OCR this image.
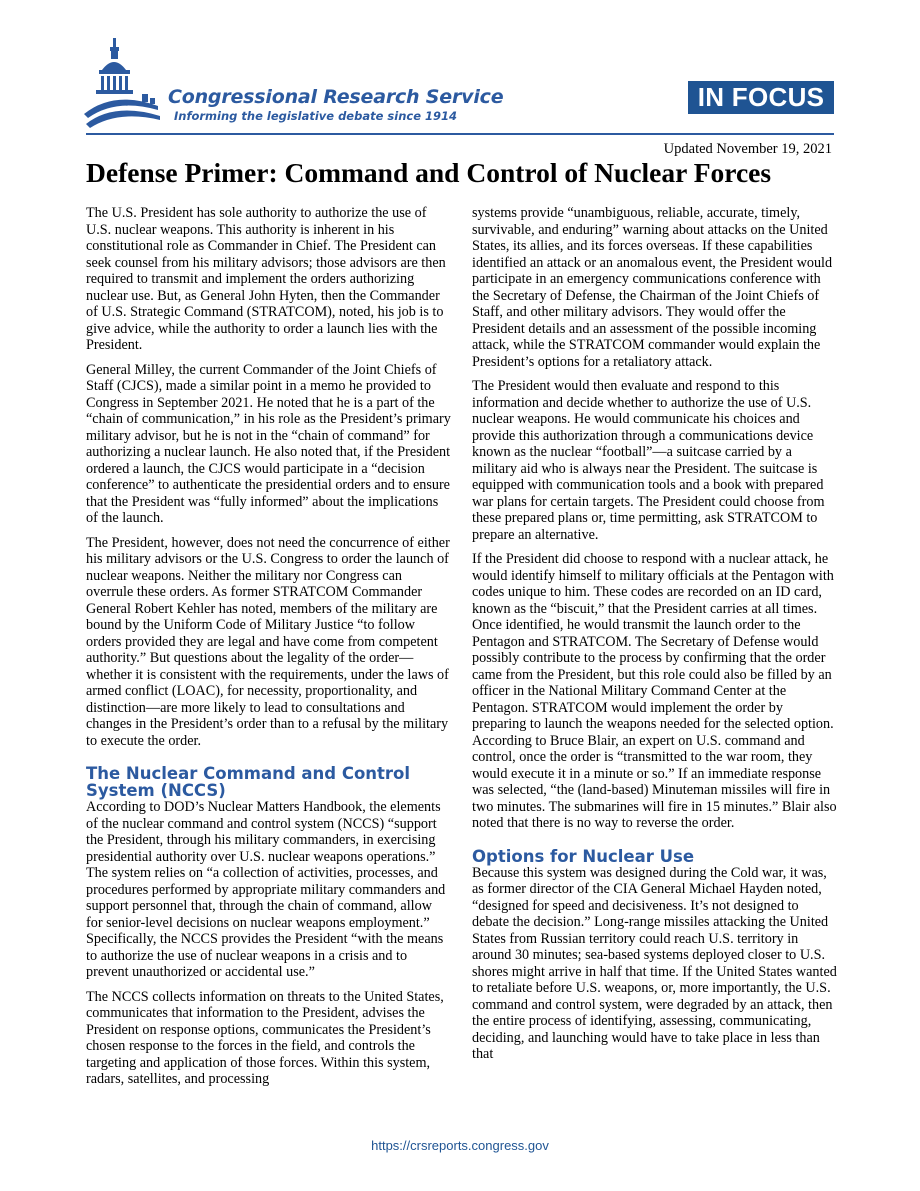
Congressional Research Service
Informing the legislative debate since 1914
IN FOCUS
Updated November 19, 2021
Defense Primer: Command and Control of Nuclear Forces

The U.S. President has sole authority to authorize the use of U.S. nuclear weapons. This authority is inherent in his constitutional role as Commander in Chief. The President can seek counsel from his military advisors; those advisors are then required to transmit and implement the orders authorizing nuclear use. But, as General John Hyten, then the Commander of U.S. Strategic Command (STRATCOM), noted, his job is to give advice, while the authority to order a launch lies with the President.

General Milley, the current Commander of the Joint Chiefs of Staff (CJCS), made a similar point in a memo he provided to Congress in September 2021. He noted that he is a part of the “chain of communication,” in his role as the President’s primary military advisor, but he is not in the “chain of command” for authorizing a nuclear launch. He also noted that, if the President ordered a launch, the CJCS would participate in a “decision conference” to authenticate the presidential orders and to ensure that the President was “fully informed” about the implications of the launch.

The President, however, does not need the concurrence of either his military advisors or the U.S. Congress to order the launch of nuclear weapons. Neither the military nor Congress can overrule these orders. As former STRATCOM Commander General Robert Kehler has noted, members of the military are bound by the Uniform Code of Military Justice “to follow orders provided they are legal and have come from competent authority.” But questions about the legality of the order—whether it is consistent with the requirements, under the laws of armed conflict (LOAC), for necessity, proportionality, and distinction—are more likely to lead to consultations and changes in the President’s order than to a refusal by the military to execute the order.

The Nuclear Command and Control System (NCCS)

According to DOD’s Nuclear Matters Handbook, the elements of the nuclear command and control system (NCCS) “support the President, through his military commanders, in exercising presidential authority over U.S. nuclear weapons operations.” The system relies on “a collection of activities, processes, and procedures performed by appropriate military commanders and support personnel that, through the chain of command, allow for senior-level decisions on nuclear weapons employment.” Specifically, the NCCS provides the President “with the means to authorize the use of nuclear weapons in a crisis and to prevent unauthorized or accidental use.”

The NCCS collects information on threats to the United States, communicates that information to the President, advises the President on response options, communicates the President’s chosen response to the forces in the field, and controls the targeting and application of those forces. Within this system, radars, satellites, and processing

systems provide “unambiguous, reliable, accurate, timely, survivable, and enduring” warning about attacks on the United States, its allies, and its forces overseas. If these capabilities identified an attack or an anomalous event, the President would participate in an emergency communications conference with the Secretary of Defense, the Chairman of the Joint Chiefs of Staff, and other military advisors. They would offer the President details and an assessment of the possible incoming attack, while the STRATCOM commander would explain the President’s options for a retaliatory attack.

The President would then evaluate and respond to this information and decide whether to authorize the use of U.S. nuclear weapons. He would communicate his choices and provide this authorization through a communications device known as the nuclear “football”—a suitcase carried by a military aid who is always near the President. The suitcase is equipped with communication tools and a book with prepared war plans for certain targets. The President could choose from these prepared plans or, time permitting, ask STRATCOM to prepare an alternative.

If the President did choose to respond with a nuclear attack, he would identify himself to military officials at the Pentagon with codes unique to him. These codes are recorded on an ID card, known as the “biscuit,” that the President carries at all times. Once identified, he would transmit the launch order to the Pentagon and STRATCOM. The Secretary of Defense would possibly contribute to the process by confirming that the order came from the President, but this role could also be filled by an officer in the National Military Command Center at the Pentagon. STRATCOM would implement the order by preparing to launch the weapons needed for the selected option. According to Bruce Blair, an expert on U.S. command and control, once the order is “transmitted to the war room, they would execute it in a minute or so.” If an immediate response was selected, “the (land-based) Minuteman missiles will fire in two minutes. The submarines will fire in 15 minutes.” Blair also noted that there is no way to reverse the order.

Options for Nuclear Use

Because this system was designed during the Cold war, it was, as former director of the CIA General Michael Hayden noted, “designed for speed and decisiveness. It’s not designed to debate the decision.” Long-range missiles attacking the United States from Russian territory could reach U.S. territory in around 30 minutes; sea-based systems deployed closer to U.S. shores might arrive in half that time. If the United States wanted to retaliate before U.S. weapons, or, more importantly, the U.S. command and control system, were degraded by an attack, then the entire process of identifying, assessing, communicating, deciding, and launching would have to take place in less than that

https://crsreports.congress.gov
